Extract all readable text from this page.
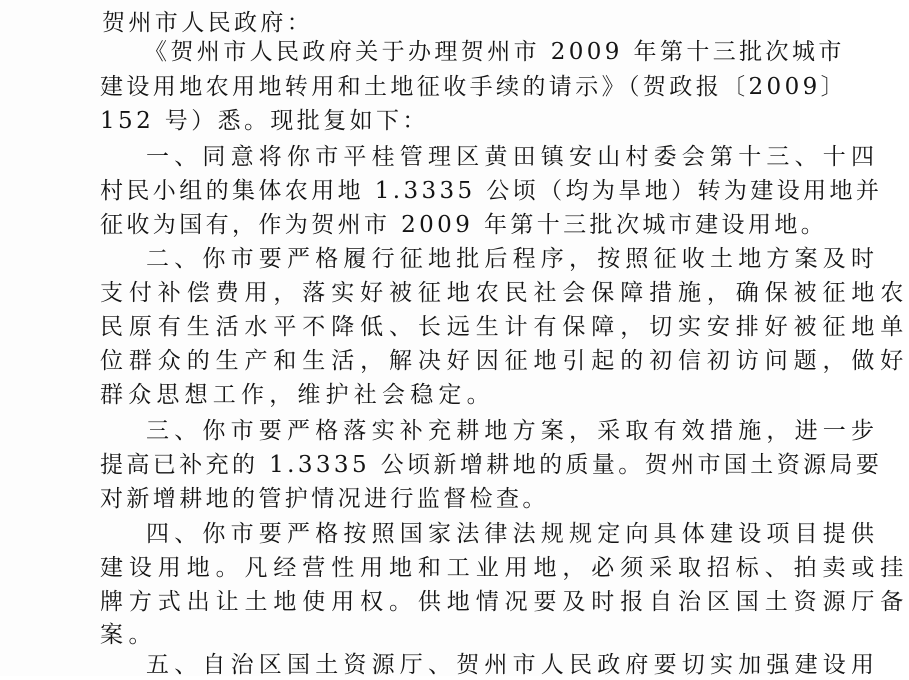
贺州市人民政府：
《贺州市人民政府关于办理贺州市 2009 年第十三批次城市
建设用地农用地转用和土地征收手续的请示》（贺政报〔2009〕
152 号）悉。现批复如下：
一、同意将你市平桂管理区黄田镇安山村委会第十三、十四
村民小组的集体农用地 1.3335 公顷（均为旱地）转为建设用地并
征收为国有，作为贺州市 2009 年第十三批次城市建设用地。
二、你市要严格履行征地批后程序，按照征收土地方案及时
支付补偿费用，落实好被征地农民社会保障措施，确保被征地农
民原有生活水平不降低、长远生计有保障，切实安排好被征地单
位群众的生产和生活，解决好因征地引起的初信初访问题，做好
群众思想工作，维护社会稳定。
三、你市要严格落实补充耕地方案，采取有效措施，进一步
提高已补充的 1.3335 公顷新增耕地的质量。贺州市国土资源局要
对新增耕地的管护情况进行监督检查。
四、你市要严格按照国家法律法规规定向具体建设项目提供
建设用地。凡经营性用地和工业用地，必须采取招标、拍卖或挂
牌方式出让土地使用权。供地情况要及时报自治区国土资源厅备
案。
五、自治区国土资源厅、贺州市人民政府要切实加强建设用
